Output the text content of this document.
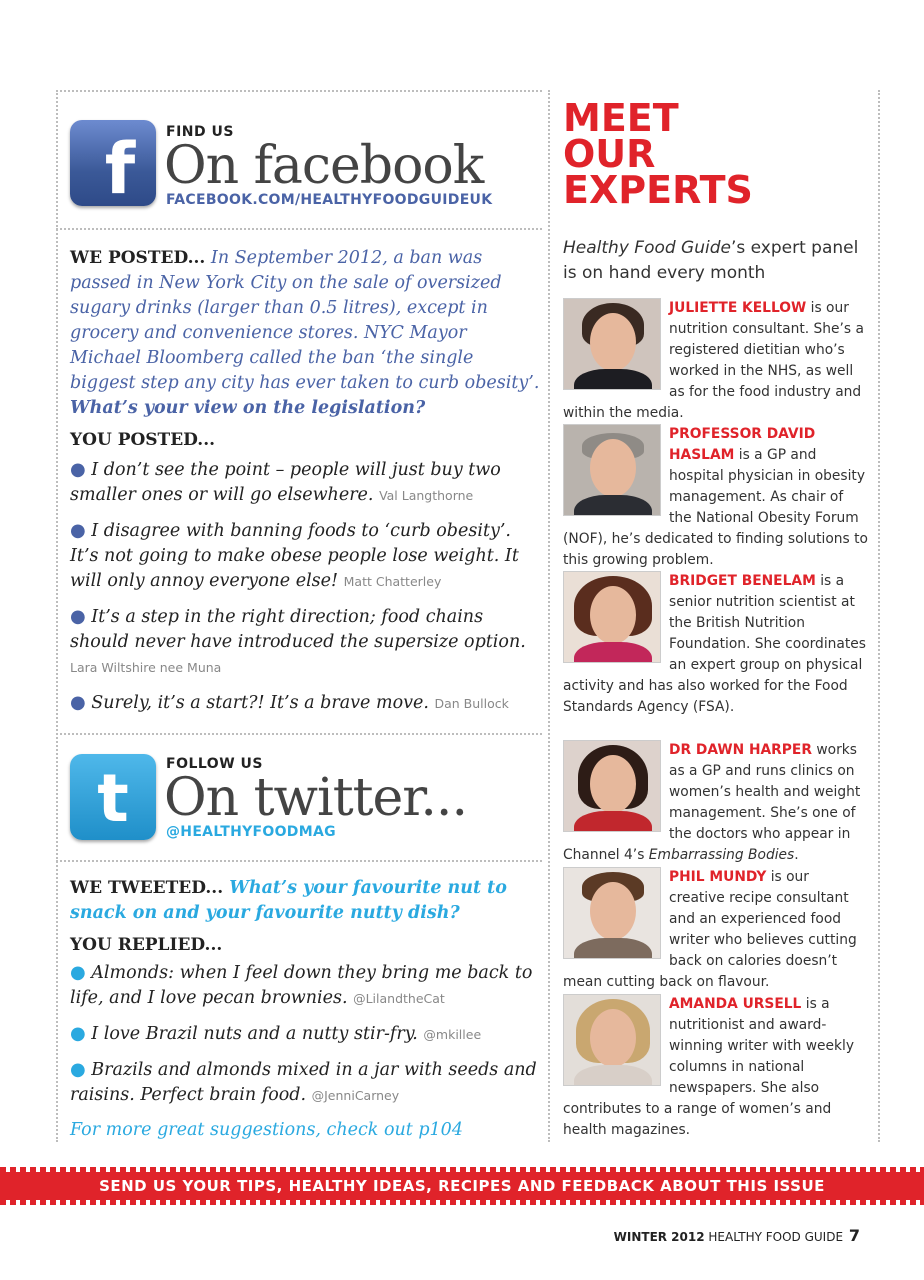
f FIND US
On facebook
FACEBOOK.COM/HEALTHYFOODGUIDEUK

WE POSTED... In September 2012, a ban was passed in New York City on the sale of oversized sugary drinks (larger than 0.5 litres), except in grocery and convenience stores. NYC Mayor Michael Bloomberg called the ban ‘the single biggest step any city has ever taken to curb obesity’. What’s your view on the legislation?

YOU POSTED...

● I don’t see the point – people will just buy two smaller ones or will go elsewhere. Val Langthorne

● I disagree with banning foods to ‘curb obesity’. It’s not going to make obese people lose weight. It will only annoy everyone else! Matt Chatterley

● It’s a step in the right direction; food chains should never have introduced the supersize option. Lara Wiltshire nee Muna

● Surely, it’s a start?! It’s a brave move. Dan Bullock

t	FOLLOW US
On twitter...
@HEALTHYFOODMAG

WE TWEETED... What’s your favourite nut to snack on and your favourite nutty dish?

YOU REPLIED...

● Almonds: when I feel down they bring me back to life, and I love pecan brownies. @LilandtheCat

● I love Brazil nuts and a nutty stir-fry. @mkillee

● Brazils and almonds mixed in a jar with seeds and raisins. Perfect brain food. @JenniCarney

For more great suggestions, check out p104

MEET
OUR
EXPERTS

Healthy Food Guide’s expert panel is on hand every month

JULIETTE KELLOW is our nutrition consultant. She’s a registered dietitian who’s worked in the NHS, as well as for the food industry and within the media.
PROFESSOR DAVID HASLAM is a GP and hospital physician in obesity management. As chair of the National Obesity Forum (NOF), he’s dedicated to finding solutions to this growing problem.
BRIDGET BENELAM is a senior nutrition scientist at the British Nutrition Foundation. She coordinates an expert group on physical activity and has also worked for the Food Standards Agency (FSA).
DR DAWN HARPER works as a GP and runs clinics on women’s health and weight management. She’s one of the doctors who appear in Channel 4’s Embarrassing Bodies.
PHIL MUNDY is our creative recipe consultant and an experienced food writer who believes cutting back on calories doesn’t mean cutting back on flavour.
AMANDA URSELL is a nutritionist and award-winning writer with weekly columns in national newspapers. She also contributes to a range of women’s and health magazines.
SEND US YOUR TIPS, HEALTHY IDEAS, RECIPES AND FEEDBACK ABOUT THIS ISSUE
WINTER 2012 HEALTHY FOOD GUIDE 7
